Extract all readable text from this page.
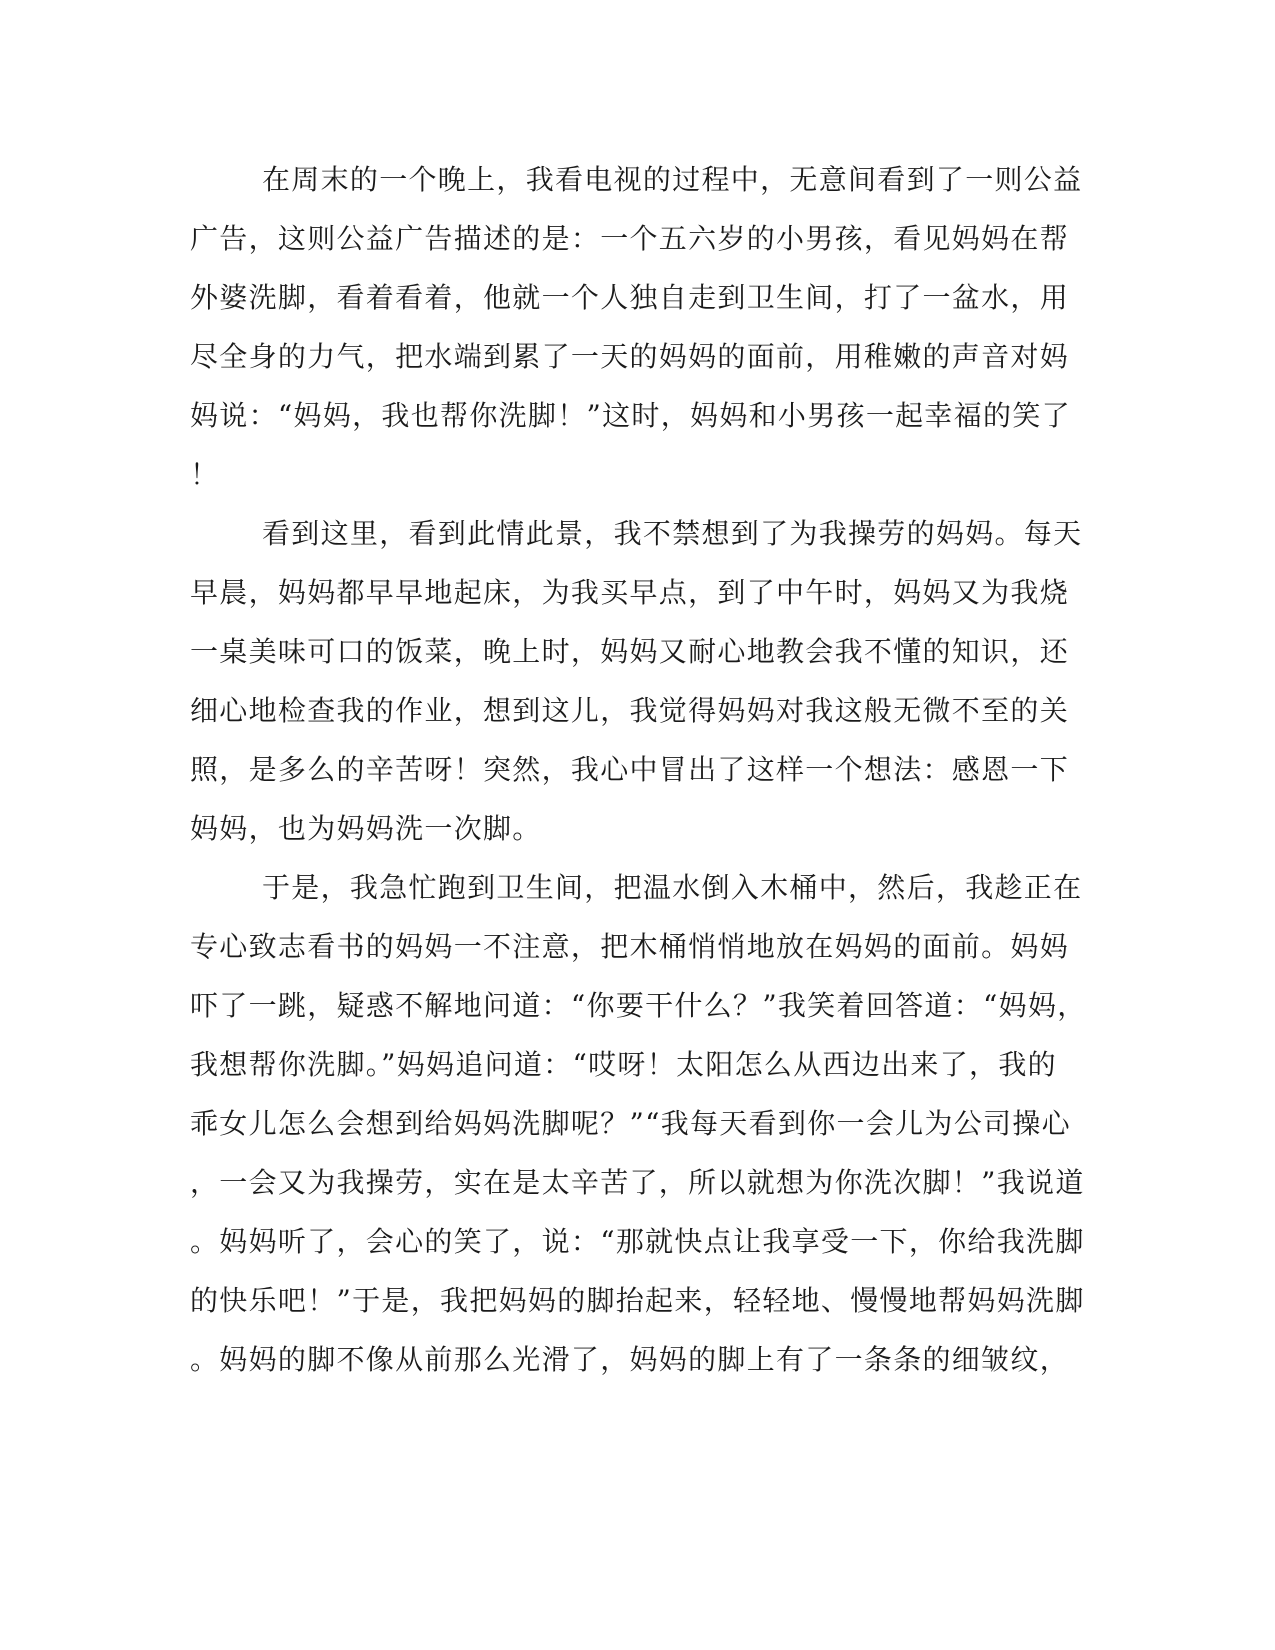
在周末的一个晚上，我看电视的过程中，无意间看到了一则公益
广告，这则公益广告描述的是：一个五六岁的小男孩，看见妈妈在帮
外婆洗脚，看着看着，他就一个人独自走到卫生间，打了一盆水，用
尽全身的力气，把水端到累了一天的妈妈的面前，用稚嫩的声音对妈
妈说：“妈妈，我也帮你洗脚！”这时，妈妈和小男孩一起幸福的笑了
！
看到这里，看到此情此景，我不禁想到了为我操劳的妈妈。每天
早晨，妈妈都早早地起床，为我买早点，到了中午时，妈妈又为我烧
一桌美味可口的饭菜，晚上时，妈妈又耐心地教会我不懂的知识，还
细心地检查我的作业，想到这儿，我觉得妈妈对我这般无微不至的关
照，是多么的辛苦呀！突然，我心中冒出了这样一个想法：感恩一下
妈妈，也为妈妈洗一次脚。
于是，我急忙跑到卫生间，把温水倒入木桶中，然后，我趁正在
专心致志看书的妈妈一不注意，把木桶悄悄地放在妈妈的面前。妈妈
吓了一跳，疑惑不解地问道：“你要干什么？”我笑着回答道：“妈妈，
我想帮你洗脚。”妈妈追问道：“哎呀！太阳怎么从西边出来了，我的
乖女儿怎么会想到给妈妈洗脚呢？”“我每天看到你一会儿为公司操心
，一会又为我操劳，实在是太辛苦了，所以就想为你洗次脚！”我说道
。妈妈听了，会心的笑了，说：“那就快点让我享受一下，你给我洗脚
的快乐吧！”于是，我把妈妈的脚抬起来，轻轻地、慢慢地帮妈妈洗脚
。妈妈的脚不像从前那么光滑了，妈妈的脚上有了一条条的细皱纹，
